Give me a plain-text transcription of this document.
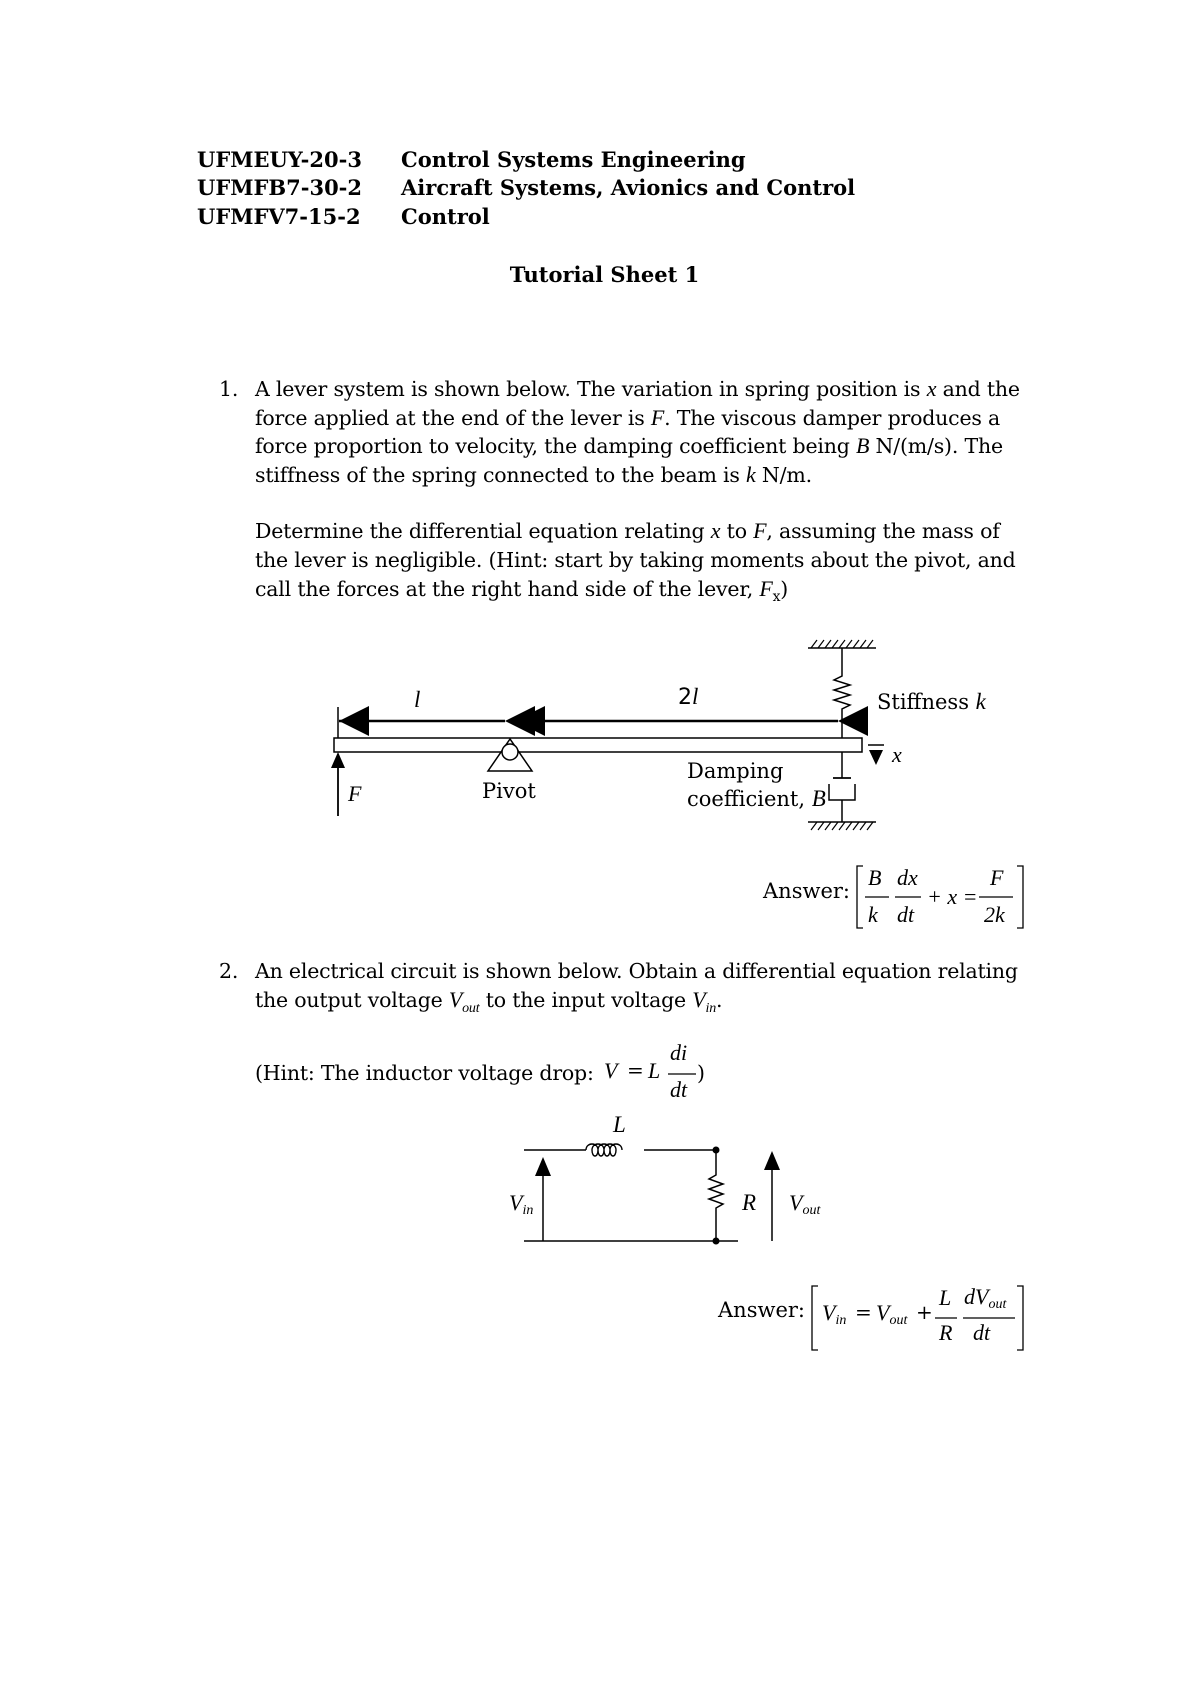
UFMEUY-20-3 Control Systems Engineering
UFMFB7-30-2 Aircraft Systems, Avionics and Control
UFMFV7-15-2 Control
Tutorial Sheet 1
1. A lever system is shown below. The variation in spring position is x and the force applied at the end of the lever is F. The viscous damper produces a force proportion to velocity, the damping coefficient being B N/(m/s). The stiffness of the spring connected to the beam is k N/m.

Determine the differential equation relating x to F, assuming the mass of the lever is negligible. (Hint: start by taking moments about the pivot, and call the forces at the right hand side of the lever, $F_x$)

l	2l	Stiffness k
x
F	Pivot
Damping
coefficient, B
Answer:
B
k
dx
dt
+ x =
F
2k
2. An electrical circuit is shown below. Obtain a differential equation relating the output voltage $V_{out}$ to the input voltage $V_{in}$.

(Hint: The inductor voltage drop: V = L
di
dt
)
L
R
$V_{in}$	$V_{out}$
Answer: $V_{in} = V_{out}$ +
L
R
$dV_{out}$
dt
